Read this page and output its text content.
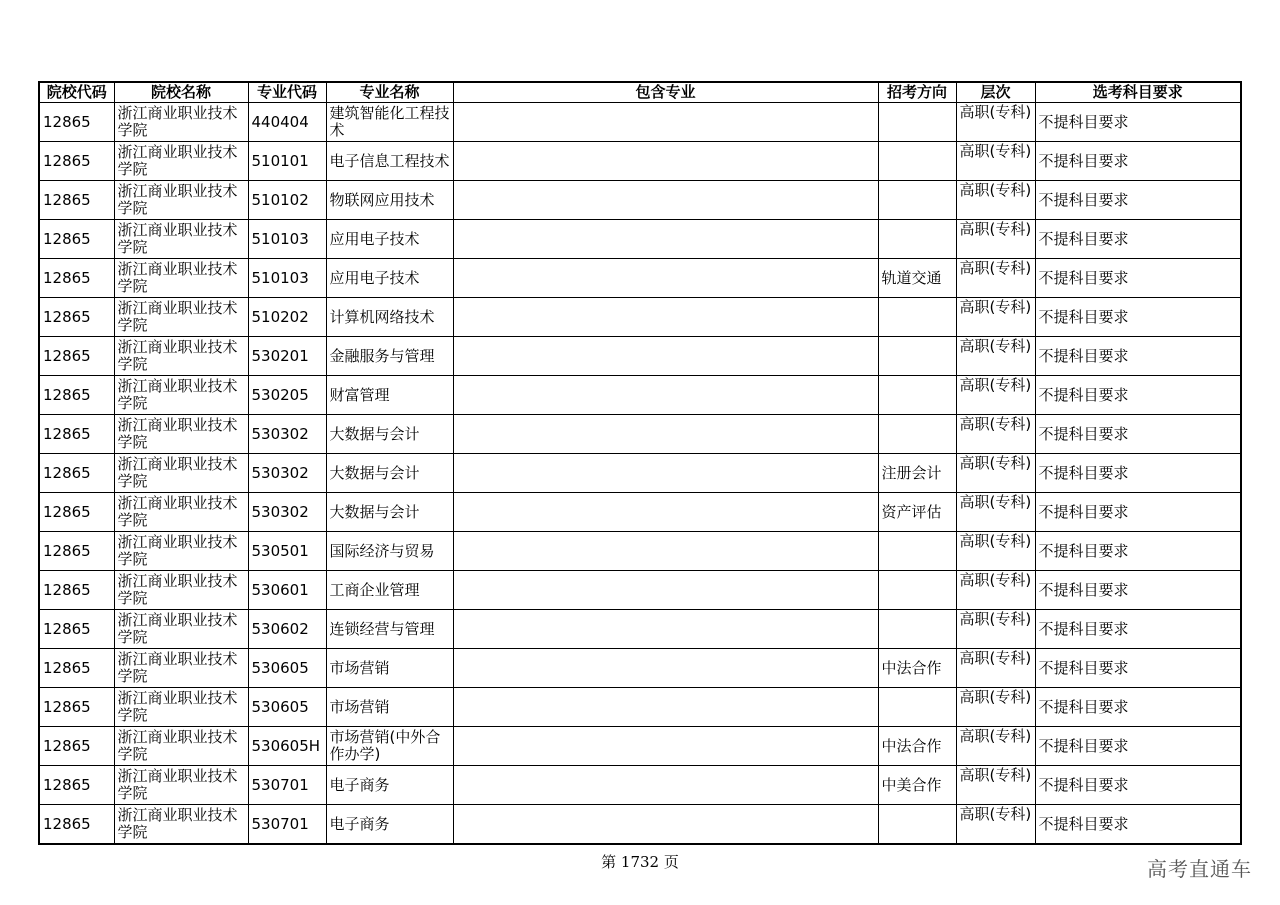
院校代码	院校名称	专业代码	专业名称	包含专业	招考方向	层次	选考科目要求
12865	浙江商业职业技术学院	440404	建筑智能化工程技术			高职(专科)	不提科目要求
12865	浙江商业职业技术学院	510101	电子信息工程技术			高职(专科)	不提科目要求
12865	浙江商业职业技术学院	510102	物联网应用技术			高职(专科)	不提科目要求
12865	浙江商业职业技术学院	510103	应用电子技术			高职(专科)	不提科目要求
12865	浙江商业职业技术学院	510103	应用电子技术		轨道交通	高职(专科)	不提科目要求
12865	浙江商业职业技术学院	510202	计算机网络技术			高职(专科)	不提科目要求
12865	浙江商业职业技术学院	530201	金融服务与管理			高职(专科)	不提科目要求
12865	浙江商业职业技术学院	530205	财富管理			高职(专科)	不提科目要求
12865	浙江商业职业技术学院	530302	大数据与会计			高职(专科)	不提科目要求
12865	浙江商业职业技术学院	530302	大数据与会计		注册会计	高职(专科)	不提科目要求
12865	浙江商业职业技术学院	530302	大数据与会计		资产评估	高职(专科)	不提科目要求
12865	浙江商业职业技术学院	530501	国际经济与贸易			高职(专科)	不提科目要求
12865	浙江商业职业技术学院	530601	工商企业管理			高职(专科)	不提科目要求
12865	浙江商业职业技术学院	530602	连锁经营与管理			高职(专科)	不提科目要求
12865	浙江商业职业技术学院	530605	市场营销		中法合作	高职(专科)	不提科目要求
12865	浙江商业职业技术学院	530605	市场营销			高职(专科)	不提科目要求
12865	浙江商业职业技术学院	530605H	市场营销(中外合作办学)		中法合作	高职(专科)	不提科目要求
12865	浙江商业职业技术学院	530701	电子商务		中美合作	高职(专科)	不提科目要求
12865	浙江商业职业技术学院	530701	电子商务			高职(专科)	不提科目要求
第 1732 页	高考直通车
